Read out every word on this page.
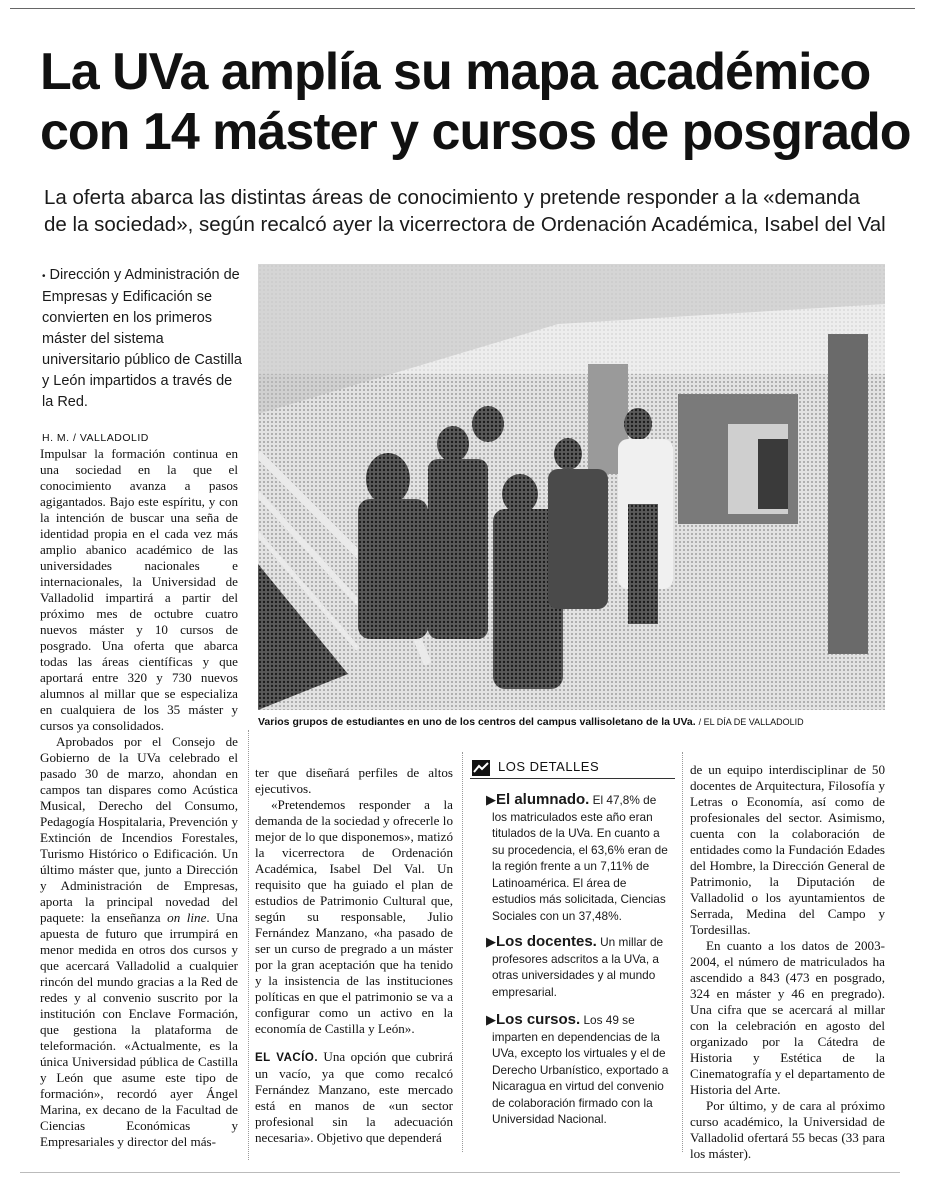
La UVa amplía su mapa académico
con 14 máster y cursos de posgrado
La oferta abarca las distintas áreas de conocimiento y pretende responder a la «demanda
de la sociedad», según recalcó ayer la vicerrectora de Ordenación Académica, Isabel del Val
• Dirección y Administración de Empresas y Edificación se convierten en los primeros máster del sistema universitario público de Castilla y León impartidos a través de la Red.
H. M. / VALLADOLID

Impulsar la formación continua en una sociedad en la que el conocimiento avanza a pasos agigantados. Bajo este espíritu, y con la intención de buscar una seña de identidad propia en el cada vez más amplio abanico académico de las universidades nacionales e internacionales, la Universidad de Valladolid impartirá a partir del próximo mes de octubre cuatro nuevos máster y 10 cursos de posgrado. Una oferta que abarca todas las áreas científicas y que aportará entre 320 y 730 nuevos alumnos al millar que se especializa en cualquiera de los 35 máster y cursos ya consolidados.

Aprobados por el Consejo de Gobierno de la UVa celebrado el pasado 30 de marzo, ahondan en campos tan dispares como Acústica Musical, Derecho del Consumo, Pedagogía Hospitalaria, Prevención y Extinción de Incendios Forestales, Turismo Histórico o Edificación. Un último máster que, junto a Dirección y Administración de Empresas, aporta la principal novedad del paquete: la enseñanza on line. Una apuesta de futuro que irrumpirá en menor medida en otros dos cursos y que acercará Valladolid a cualquier rincón del mundo gracias a la Red de redes y al convenio suscrito por la institución con Enclave Formación, que gestiona la plataforma de teleformación. «Actualmente, es la única Universidad pública de Castilla y León que asume este tipo de formación», recordó ayer Ángel Marina, ex decano de la Facultad de Ciencias Económicas y Empresariales y director del más-

Varios grupos de estudiantes en uno de los centros del campus vallisoletano de la UVa. / EL DÍA DE VALLADOLID

ter que diseñará perfiles de altos ejecutivos.

«Pretendemos responder a la demanda de la sociedad y ofrecerle lo mejor de lo que disponemos», matizó la vicerrectora de Ordenación Académica, Isabel Del Val. Un requisito que ha guiado el plan de estudios de Patrimonio Cultural que, según su responsable, Julio Fernández Manzano, «ha pasado de ser un curso de pregrado a un máster por la gran aceptación que ha tenido y la insistencia de las instituciones políticas en que el patrimonio se va a configurar como un activo en la economía de Castilla y León».

EL VACÍO. Una opción que cubrirá un vacío, ya que como recalcó Fernández Manzano, este mercado está en manos de «un sector profesional sin la adecuación necesaria». Objetivo que dependerá

LOS DETALLES
▶El alumnado. El 47,8% de los matriculados este año eran titulados de la UVa. En cuanto a su procedencia, el 63,6% eran de la región frente a un 7,11% de Latinoamérica. El área de estudios más solicitada, Ciencias Sociales con un 37,48%.
▶Los docentes. Un millar de profesores adscritos a la UVa, a otras universidades y al mundo empresarial.
▶Los cursos. Los 49 se imparten en dependencias de la UVa, excepto los virtuales y el de Derecho Urbanístico, exportado a Nicaragua en virtud del convenio de colaboración firmado con la Universidad Nacional.

de un equipo interdisciplinar de 50 docentes de Arquitectura, Filosofía y Letras o Economía, así como de profesionales del sector. Asimismo, cuenta con la colaboración de entidades como la Fundación Edades del Hombre, la Dirección General de Patrimonio, la Diputación de Valladolid o los ayuntamientos de Serrada, Medina del Campo y Tordesillas.

En cuanto a los datos de 2003-2004, el número de matriculados ha ascendido a 843 (473 en posgrado, 324 en máster y 46 en pregrado). Una cifra que se acercará al millar con la celebración en agosto del organizado por la Cátedra de Historia y Estética de la Cinematografía y el departamento de Historia del Arte.

Por último, y de cara al próximo curso académico, la Universidad de Valladolid ofertará 55 becas (33 para los máster).
